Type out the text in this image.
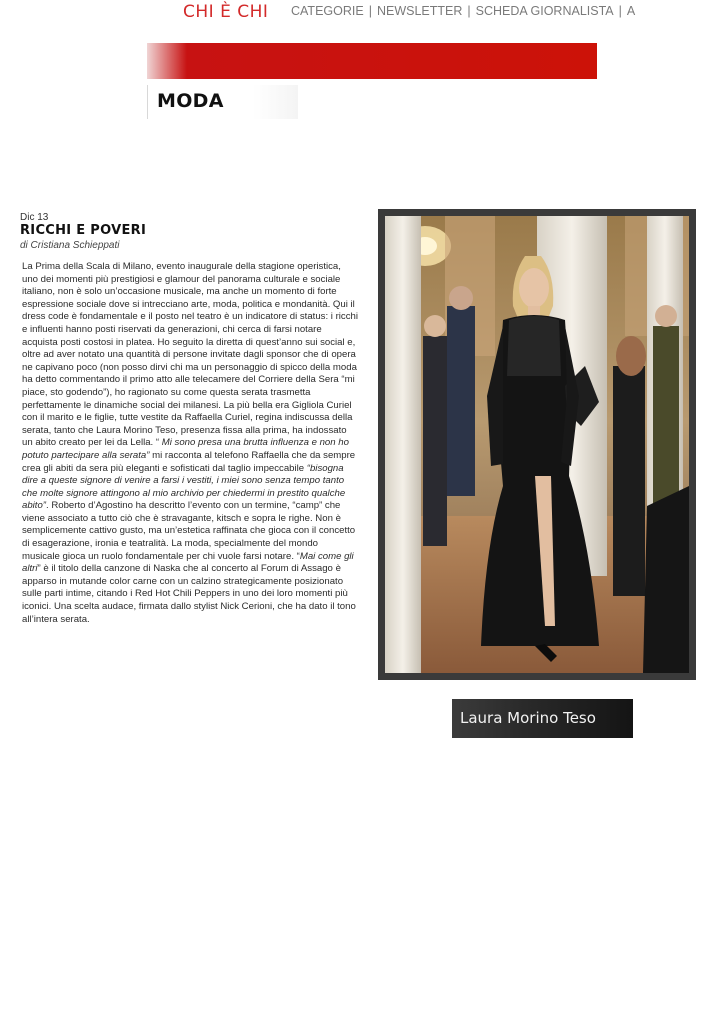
CHI È CHI CATEGORIE | NEWSLETTER | SCHEDA GIORNALISTA | A
MODA
Dic 13
RICCHI E POVERI
di Cristiana Schieppati

La Prima della Scala di Milano, evento inaugurale della stagione operistica, uno dei momenti più prestigiosi e glamour del panorama culturale e sociale italiano, non è solo un’occasione musicale, ma anche un momento di forte espressione sociale dove si intrecciano arte, moda, politica e mondanità. Qui il dress code è fondamentale e il posto nel teatro è un indicatore di status: i ricchi e influenti hanno posti riservati da generazioni, chi cerca di farsi notare acquista posti costosi in platea. Ho seguito la diretta di quest’anno sui social e, oltre ad aver notato una quantità di persone invitate dagli sponsor che di opera ne capivano poco (non posso dirvi chi ma un personaggio di spicco della moda ha detto commentando il primo atto alle telecamere del Corriere della Sera “mi piace, sto godendo”), ho ragionato su come questa serata trasmetta perfettamente le dinamiche social dei milanesi. La più bella era Gigliola Curiel con il marito e le figlie, tutte vestite da Raffaella Curiel, regina indiscussa della serata, tanto che Laura Morino Teso, presenza fissa alla prima, ha indossato un abito creato per lei da Lella. “ Mi sono presa una brutta influenza e non ho potuto partecipare alla serata” mi racconta al telefono Raffaella che da sempre crea gli abiti da sera più eleganti e sofisticati dal taglio impeccabile “bisogna dire a queste signore di venire a farsi i vestiti, i miei sono senza tempo tanto che molte signore attingono al mio archivio per chiedermi in prestito qualche abito”. Roberto d’Agostino ha descritto l’evento con un termine, “camp” che viene associato a tutto ciò che è stravagante, kitsch e sopra le righe. Non è semplicemente cattivo gusto, ma un’estetica raffinata che gioca con il concetto di esagerazione, ironia e teatralità. La moda, specialmente del mondo musicale gioca un ruolo fondamentale per chi vuole farsi notare. “Mai come gli altri” è il titolo della canzone di Naska che al concerto al Forum di Assago è apparso in mutande color carne con un calzino strategicamente posizionato sulle parti intime, citando i Red Hot Chili Peppers in uno dei loro momenti più iconici. Una scelta audace, firmata dallo stylist Nick Cerioni, che ha dato il tono all’intera serata.

Laura Morino Teso
